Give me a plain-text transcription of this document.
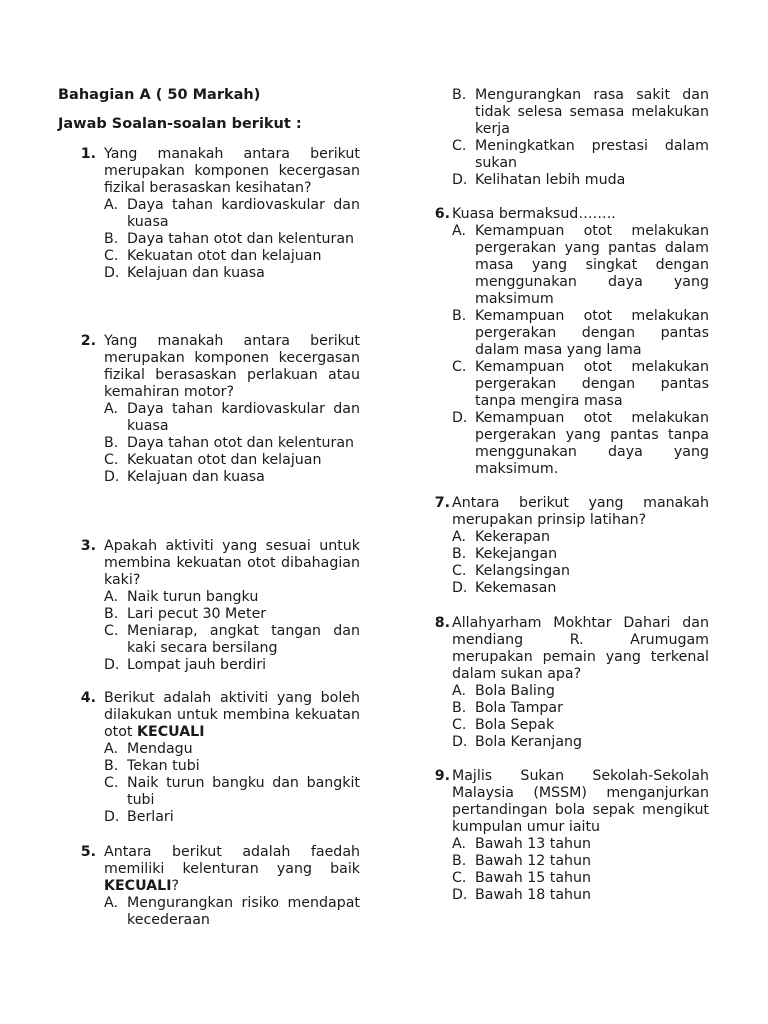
Bahagian A ( 50 Markah)
Jawab Soalan-soalan berikut :
1. Yang manakah antara berikut merupakan komponen kecergasan fizikal berasaskan kesihatan?
A. Daya tahan kardiovaskular dan kuasa
B. Daya tahan otot dan kelenturan
C. Kekuatan otot dan kelajuan
D. Kelajuan dan kuasa
2. Yang manakah antara berikut merupakan komponen kecergasan fizikal berasaskan perlakuan atau kemahiran motor?
A. Daya tahan kardiovaskular dan kuasa
B. Daya tahan otot dan kelenturan
C. Kekuatan otot dan kelajuan
D. Kelajuan dan kuasa
3. Apakah aktiviti yang sesuai untuk membina kekuatan otot dibahagian kaki?
A. Naik turun bangku
B. Lari pecut 30 Meter
C. Meniarap, angkat tangan dan kaki secara bersilang
D. Lompat jauh berdiri
4. Berikut adalah aktiviti yang boleh dilakukan untuk membina kekuatan otot KECUALI
A. Mendagu
B. Tekan tubi
C. Naik turun bangku dan bangkit tubi
D. Berlari
5. Antara berikut adalah faedah memiliki kelenturan yang baik KECUALI?
A. Mengurangkan risiko mendapat kecederaan
B. Mengurangkan rasa sakit dan tidak selesa semasa melakukan kerja
C. Meningkatkan prestasi dalam sukan
D. Kelihatan lebih muda
6. Kuasa bermaksud……..
A. Kemampuan otot melakukan pergerakan yang pantas dalam masa yang singkat dengan menggunakan daya yang maksimum
B. Kemampuan otot melakukan pergerakan dengan pantas dalam masa yang lama
C. Kemampuan otot melakukan pergerakan dengan pantas tanpa mengira masa
D. Kemampuan otot melakukan pergerakan yang pantas tanpa menggunakan daya yang maksimum.
7. Antara berikut yang manakah merupakan prinsip latihan?
A. Kekerapan
B. Kekejangan
C. Kelangsingan
D. Kekemasan
8. Allahyarham Mokhtar Dahari dan mendiang R. Arumugam merupakan pemain yang terkenal dalam sukan apa?
A. Bola Baling
B. Bola Tampar
C. Bola Sepak
D. Bola Keranjang
9. Majlis Sukan Sekolah-Sekolah Malaysia (MSSM) menganjurkan pertandingan bola sepak mengikut kumpulan umur iaitu
A. Bawah 13 tahun
B. Bawah 12 tahun
C. Bawah 15 tahun
D. Bawah 18 tahun
